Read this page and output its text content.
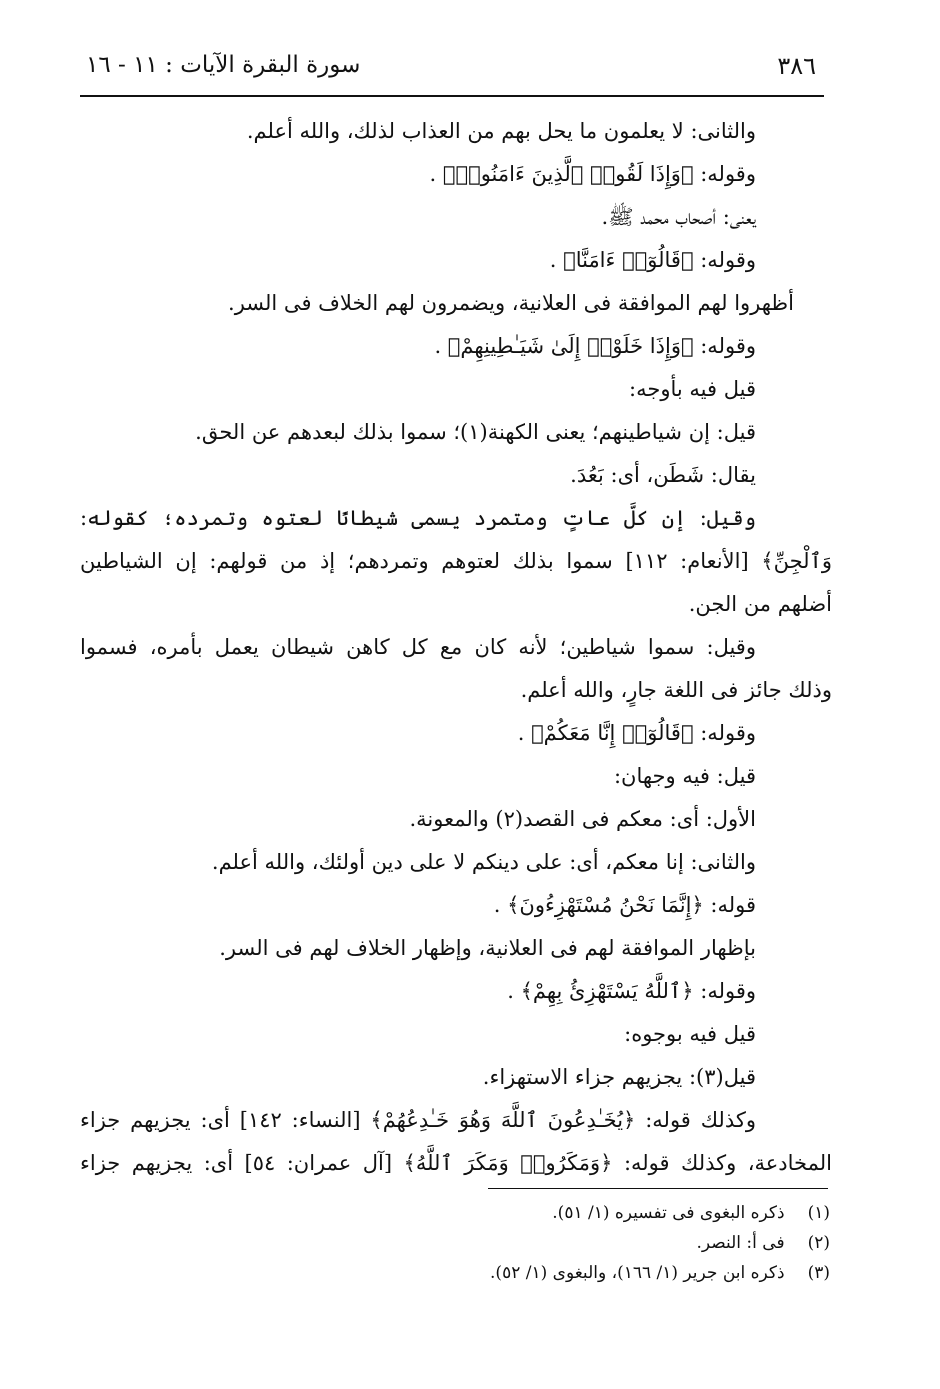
٣٨٦
سورة البقرة الآيات : ١١ - ١٦
والثانى: لا يعلمون ما يحل بهم من العذاب لذلك، والله أعلم.
وقوله: ﴿وَإِذَا لَقُوا۟ ٱلَّذِينَ ءَامَنُوا۟﴾ .
يعنى: أصحاب محمد ﷺ.
وقوله: ﴿قَالُوٓا۟ ءَامَنَّا﴾ .
أظهروا لهم الموافقة فى العلانية، ويضمرون لهم الخلاف فى السر.
وقوله: ﴿وَإِذَا خَلَوْا۟ إِلَىٰ شَيَـٰطِينِهِمْ﴾ .
قيل فيه بأوجه:
قيل: إن شياطينهم؛ يعنى الكهنة(١)؛ سموا بذلك لبعدهم عن الحق.
يقال: شَطَن، أى: بَعُدَ.
وقيل: إن كلَّ عاتٍ ومتمرد يسمى شيطانًا لعتوه وتمرده؛ كقوله:
وَٱلْجِنِّ﴾ [الأنعام: ١١٢] سموا بذلك لعتوهم وتمردهم؛ إذ من قولهم: إن الشياطين
أضلهم من الجن.
وقيل: سموا شياطين؛ لأنه كان مع كل كاهن شيطان يعمل بأمره، فسموا
وذلك جائز فى اللغة جارٍ، والله أعلم.
وقوله: ﴿قَالُوٓا۟ إِنَّا مَعَكُمْ﴾ .
قيل: فيه وجهان:
الأول: أى: معكم فى القصد(٢) والمعونة.
والثانى: إنا معكم، أى: على دينكم لا على دين أولئك، والله أعلم.
قوله: ﴿إِنَّمَا نَحْنُ مُسْتَهْزِءُونَ﴾ .
بإظهار الموافقة لهم فى العلانية، وإظهار الخلاف لهم فى السر.
وقوله: ﴿ٱللَّهُ يَسْتَهْزِئُ بِهِمْ﴾ .
قيل فيه بوجوه:
قيل(٣): يجزيهم جزاء الاستهزاء.
وكذلك قوله: ﴿يُخَـٰدِعُونَ ٱللَّهَ وَهُوَ خَـٰدِعُهُمْ﴾ [النساء: ١٤٢] أى: يجزيهم جزاء
المخادعة، وكذلك قوله: ﴿وَمَكَرُوا۟ وَمَكَرَ ٱللَّهُ﴾ [آل عمران: ٥٤] أى: يجزيهم جزاء
(١) ذكره البغوى فى تفسيره (١/ ٥١).
(٢) فى أ: النصر.
(٣) ذكره ابن جرير (١/ ١٦٦)، والبغوى (١/ ٥٢).
